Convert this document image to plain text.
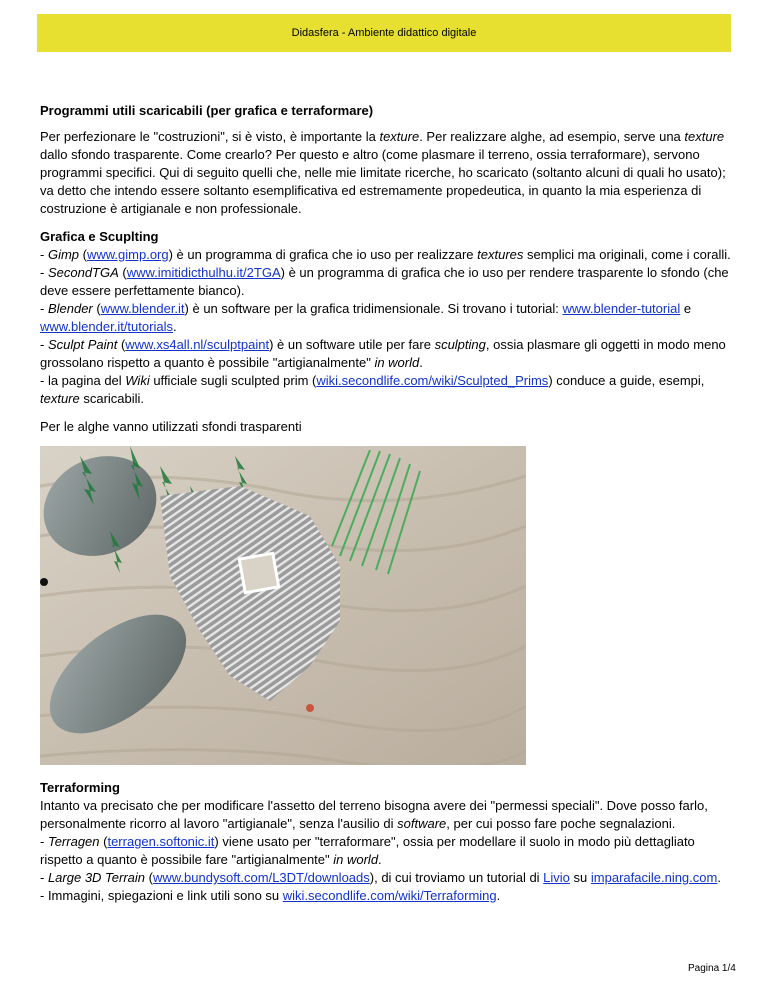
Didasfera - Ambiente didattico digitale

Programmi utili scaricabili (per grafica e terraformare)

Per perfezionare le "costruzioni", si è visto, è importante la texture. Per realizzare alghe, ad esempio, serve una texture dallo sfondo trasparente. Come crearlo? Per questo e altro (come plasmare il terreno, ossia terraformare), servono programmi specifici. Qui di seguito quelli che, nelle mie limitate ricerche, ho scaricato (soltanto alcuni di quali ho usato); va detto che intendo essere soltanto esemplificativa ed estremamente propedeutica, in quanto la mia esperienza di costruzione è artigianale e non professionale.

Grafica e Scuplting

- Gimp (www.gimp.org) è un programma di grafica che io uso per realizzare textures semplici ma originali, come i coralli.

- SecondTGA (www.imitidicthulhu.it/2TGA) è un programma di grafica che io uso per rendere trasparente lo sfondo (che deve essere perfettamente bianco).

- Blender (www.blender.it) è un software per la grafica tridimensionale. Si trovano i tutorial: www.blender-tutorial e www.blender.it/tutorials.

- Sculpt Paint (www.xs4all.nl/sculptpaint) è un software utile per fare sculpting, ossia plasmare gli oggetti in modo meno grossolano rispetto a quanto è possibile "artigianalmente" in world.

- la pagina del Wiki ufficiale sugli sculpted prim (wiki.secondlife.com/wiki/Sculpted_Prims) conduce a guide, esempi, texture scaricabili.

Per le alghe vanno utilizzati sfondi trasparenti

Terraforming

Intanto va precisato che per modificare l'assetto del terreno bisogna avere dei "permessi speciali". Dove posso farlo, personalmente ricorro al lavoro "artigianale", senza l'ausilio di software, per cui posso fare poche segnalazioni.

- Terragen (terragen.softonic.it) viene usato per "terraformare", ossia per modellare il suolo in modo più dettagliato rispetto a quanto è possibile fare "artigianalmente" in world.

- Large 3D Terrain (www.bundysoft.com/L3DT/downloads), di cui troviamo un tutorial di Livio su imparafacile.ning.com.

- Immagini, spiegazioni e link utili sono su wiki.secondlife.com/wiki/Terraforming.

Pagina 1/4
